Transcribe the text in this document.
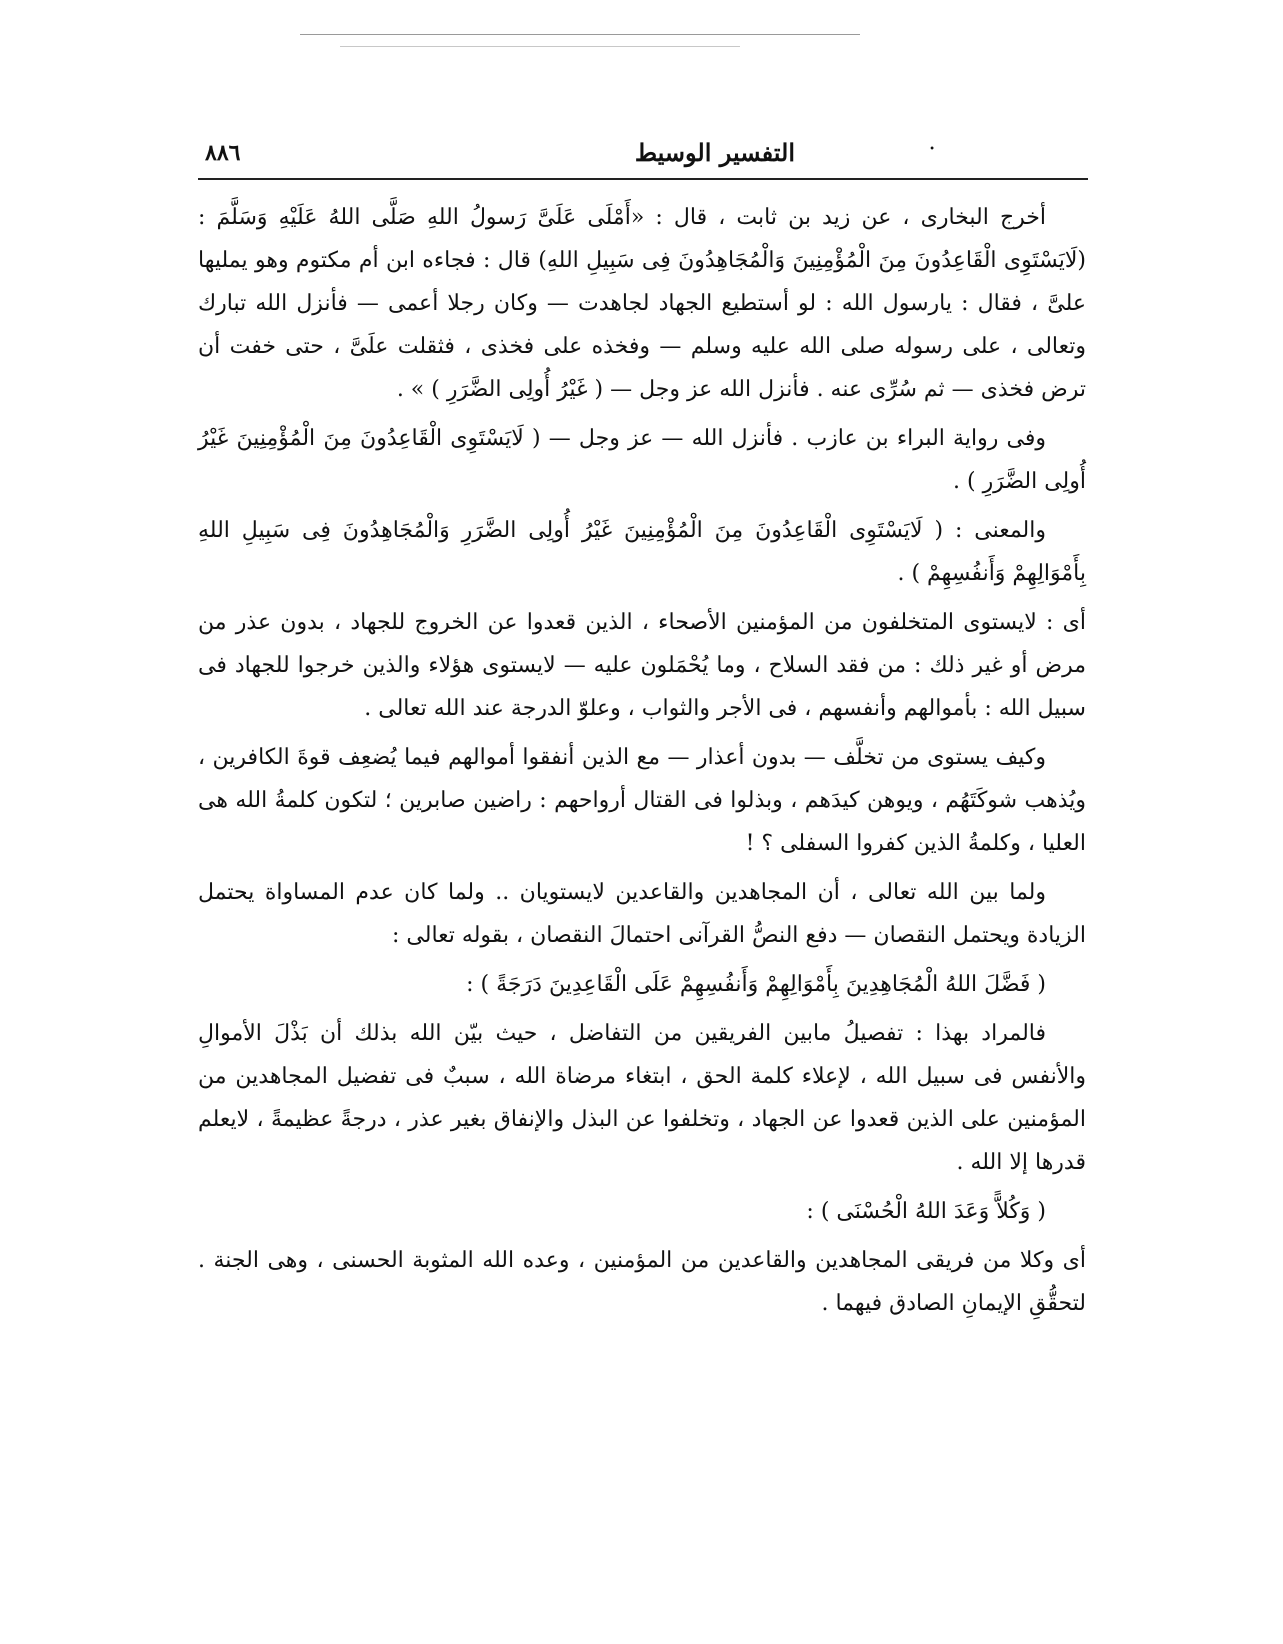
التفسير الوسيط	•
٨٨٦

أخرج البخارى ، عن زيد بن ثابت ، قال : «أَمْلَى عَلَىَّ رَسولُ اللهِ صَلَّى اللهُ عَلَيْهِ وَسَلَّمَ : (لَايَسْتَوِى الْقَاعِدُونَ مِنَ الْمُؤْمِنِينَ وَالْمُجَاهِدُونَ فِى سَبِيلِ اللهِ) قال : فجاءه ابن أم مكتوم وهو يمليها علىَّ ، فقال : يارسول الله : لو أستطيع الجهاد لجاهدت — وكان رجلا أعمى — فأنزل الله تبارك وتعالى ، على رسوله صلى الله عليه وسلم — وفخذه على فخذى ، فثقلت علَىَّ ، حتى خفت أن ترض فخذى — ثم سُرِّى عنه . فأنزل الله عز وجل — ( غَيْرُ أُولِى الضَّرَرِ ) » .

وفى رواية البراء بن عازب . فأنزل الله — عز وجل — ( لَايَسْتَوِى الْقَاعِدُونَ مِنَ الْمُؤْمِنِينَ غَيْرُ أُولِى الضَّرَرِ ) .

والمعنى : ( لَايَسْتَوِى الْقَاعِدُونَ مِنَ الْمُؤْمِنِينَ غَيْرُ أُولِى الضَّرَرِ وَالْمُجَاهِدُونَ فِى سَبِيلِ اللهِ بِأَمْوَالِهِمْ وَأَنفُسِهِمْ ) .

أى : لايستوى المتخلفون من المؤمنين الأصحاء ، الذين قعدوا عن الخروج للجهاد ، بدون عذر من مرض أو غير ذلك : من فقد السلاح ، وما يُحْمَلون عليه — لايستوى هؤلاء والذين خرجوا للجهاد فى سبيل الله : بأموالهم وأنفسهم ، فى الأجر والثواب ، وعلوّ الدرجة عند الله تعالى .

وكيف يستوى من تخلَّف — بدون أعذار — مع الذين أنفقوا أموالهم فيما يُضعِف قوةَ الكافرين ، ويُذهب شوكَتَهُم ، ويوهن كيدَهم ، وبذلوا فى القتال أرواحهم : راضين صابرين ؛ لتكون كلمةُ الله هى العليا ، وكلمةُ الذين كفروا السفلى ؟ !

ولما بين الله تعالى ، أن المجاهدين والقاعدين لايستويان .. ولما كان عدم المساواة يحتمل الزيادة ويحتمل النقصان — دفع النصُّ القرآنى احتمالَ النقصان ، بقوله تعالى :

( فَضَّلَ اللهُ الْمُجَاهِدِينَ بِأَمْوَالِهِمْ وَأَنفُسِهِمْ عَلَى الْقَاعِدِينَ دَرَجَةً ) :

فالمراد بهذا : تفصيلُ مابين الفريقين من التفاضل ، حيث بيّن الله بذلك أن بَذْلَ الأموالِ والأنفس فى سبيل الله ، لإعلاء كلمة الحق ، ابتغاء مرضاة الله ، سببٌ فى تفضيل المجاهدين من المؤمنين على الذين قعدوا عن الجهاد ، وتخلفوا عن البذل والإنفاق بغير عذر ، درجةً عظيمةً ، لايعلم قدرها إلا الله .

( وَكُلاًّ وَعَدَ اللهُ الْحُسْنَى ) :

أى وكلا من فريقى المجاهدين والقاعدين من المؤمنين ، وعده الله المثوبة الحسنى ، وهى الجنة . لتحقُّقِ الإيمانِ الصادق فيهما .
